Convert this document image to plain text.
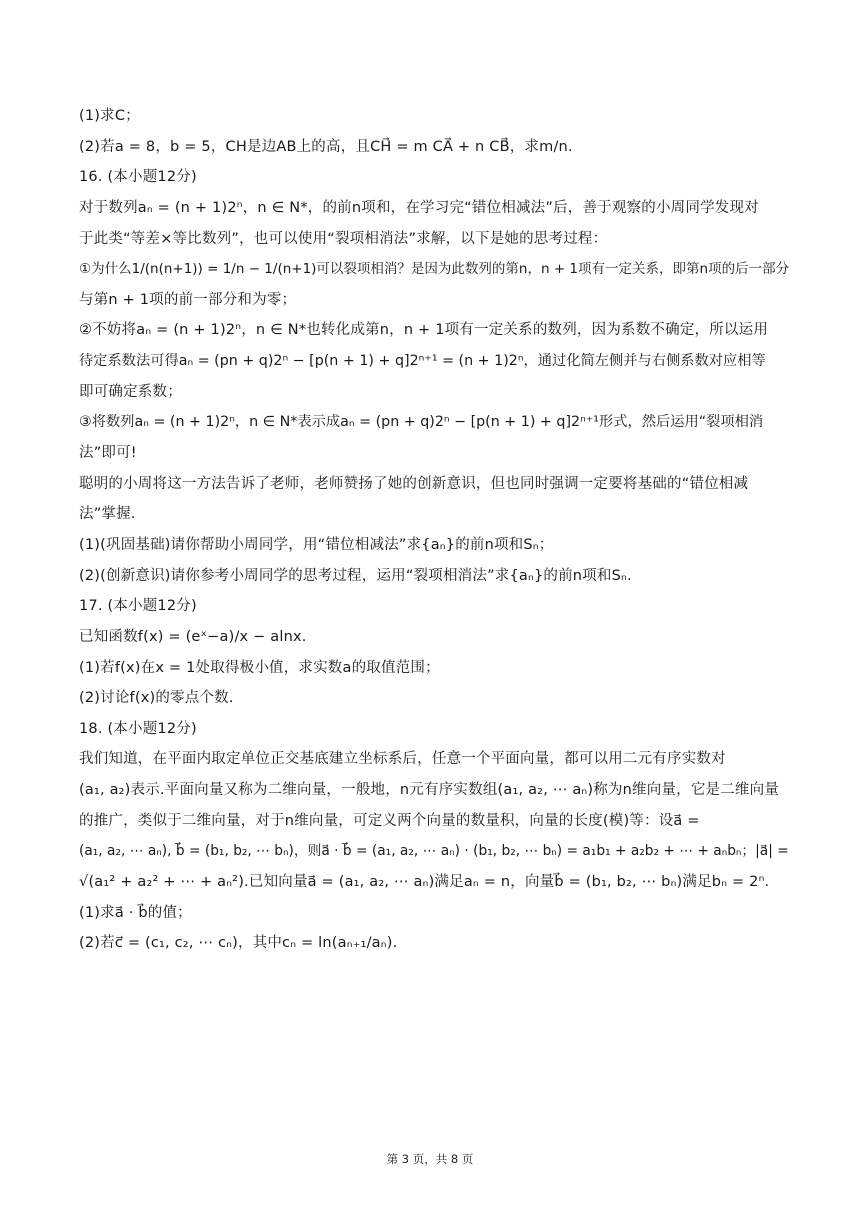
(1)求C；
(2)若a = 8，b = 5，CH是边AB上的高，且CH⃗ = m CA⃗ + n CB⃗，求m/n.
16. (本小题12分)
对于数列aₙ = (n + 1)2ⁿ，n ∈ N*，的前n项和，在学习完“错位相减法”后，善于观察的小周同学发现对
于此类“等差×等比数列”，也可以使用“裂项相消法”求解，以下是她的思考过程：
①为什么1/(n(n+1)) = 1/n − 1/(n+1)可以裂项相消？是因为此数列的第n，n + 1项有一定关系，即第n项的后一部分
与第n + 1项的前一部分和为零；
②不妨将aₙ = (n + 1)2ⁿ，n ∈ N*也转化成第n，n + 1项有一定关系的数列，因为系数不确定，所以运用
待定系数法可得aₙ = (pn + q)2ⁿ − [p(n + 1) + q]2ⁿ⁺¹ = (n + 1)2ⁿ，通过化简左侧并与右侧系数对应相等
即可确定系数；
③将数列aₙ = (n + 1)2ⁿ，n ∈ N*表示成aₙ = (pn + q)2ⁿ − [p(n + 1) + q]2ⁿ⁺¹形式，然后运用“裂项相消
法”即可!
聪明的小周将这一方法告诉了老师，老师赞扬了她的创新意识，但也同时强调一定要将基础的“错位相减
法”掌握.
(1)(巩固基础)请你帮助小周同学，用“错位相减法”求{aₙ}的前n项和Sₙ；
(2)(创新意识)请你参考小周同学的思考过程，运用“裂项相消法”求{aₙ}的前n项和Sₙ.
17. (本小题12分)
已知函数f(x) = (eˣ−a)/x − alnx.
(1)若f(x)在x = 1处取得极小值，求实数a的取值范围；
(2)讨论f(x)的零点个数.
18. (本小题12分)
我们知道，在平面内取定单位正交基底建立坐标系后，任意一个平面向量，都可以用二元有序实数对
(a₁, a₂)表示.平面向量又称为二维向量，一般地，n元有序实数组(a₁, a₂, ⋯ aₙ)称为n维向量，它是二维向量
的推广，类似于二维向量，对于n维向量，可定义两个向量的数量积，向量的长度(模)等：设a⃗ =
(a₁, a₂, ⋯ aₙ), b⃗ = (b₁, b₂, ⋯ bₙ)，则a⃗ · b⃗ = (a₁, a₂, ⋯ aₙ) · (b₁, b₂, ⋯ bₙ) = a₁b₁ + a₂b₂ + ⋯ + aₙbₙ；|a⃗| =
√(a₁² + a₂² + ⋯ + aₙ²).已知向量a⃗ = (a₁, a₂, ⋯ aₙ)满足aₙ = n，向量b⃗ = (b₁, b₂, ⋯ bₙ)满足bₙ = 2ⁿ.
(1)求a⃗ · b⃗的值；
(2)若c⃗ = (c₁, c₂, ⋯ cₙ)，其中cₙ = ln(aₙ₊₁/aₙ).
第 3 页，共 8 页
